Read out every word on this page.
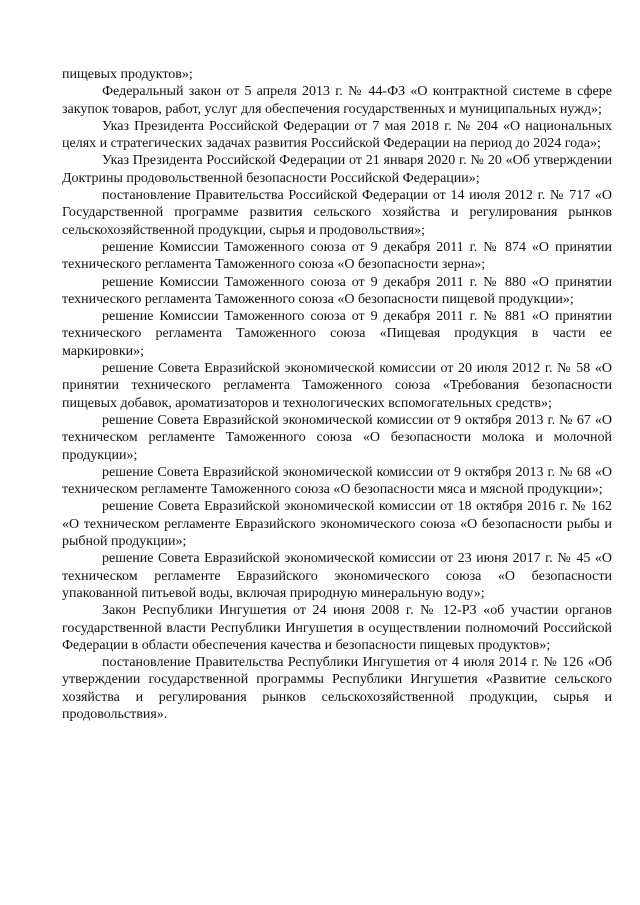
пищевых продуктов»;

Федеральный закон от 5 апреля 2013 г. № 44-ФЗ «О контрактной системе в сфере закупок товаров, работ, услуг для обеспечения государственных и муниципальных нужд»;

Указ Президента Российской Федерации от 7 мая 2018 г. № 204 «О национальных целях и стратегических задачах развития Российской Федерации на период до 2024 года»;

Указ Президента Российской Федерации от 21 января 2020 г. № 20 «Об утверждении Доктрины продовольственной безопасности Российской Федерации»;

постановление Правительства Российской Федерации от 14 июля 2012 г. № 717 «О Государственной программе развития сельского хозяйства и регулирования рынков сельскохозяйственной продукции, сырья и продовольствия»;

решение Комиссии Таможенного союза от 9 декабря 2011 г. № 874 «О принятии технического регламента Таможенного союза «О безопасности зерна»;

решение Комиссии Таможенного союза от 9 декабря 2011 г. № 880 «О принятии технического регламента Таможенного союза «О безопасности пищевой продукции»;

решение Комиссии Таможенного союза от 9 декабря 2011 г. № 881 «О принятии технического регламента Таможенного союза «Пищевая продукция в части ее маркировки»;

решение Совета Евразийской экономической комиссии от 20 июля 2012 г. № 58 «О принятии технического регламента Таможенного союза «Требования безопасности пищевых добавок, ароматизаторов и технологических вспомогательных средств»;

решение Совета Евразийской экономической комиссии от 9 октября 2013 г. № 67 «О техническом регламенте Таможенного союза «О безопасности молока и молочной продукции»;

решение Совета Евразийской экономической комиссии от 9 октября 2013 г. № 68 «О техническом регламенте Таможенного союза «О безопасности мяса и мясной продукции»;

решение Совета Евразийской экономической комиссии от 18 октября 2016 г. № 162 «О техническом регламенте Евразийского экономического союза «О безопасности рыбы и рыбной продукции»;

решение Совета Евразийской экономической комиссии от 23 июня 2017 г. № 45 «О техническом регламенте Евразийского экономического союза «О безопасности упакованной питьевой воды, включая природную минеральную воду»;

Закон Республики Ингушетия от 24 июня 2008 г. № 12-РЗ «об участии органов государственной власти Республики Ингушетия в осуществлении полномочий Российской Федерации в области обеспечения качества и безопасности пищевых продуктов»;

постановление Правительства Республики Ингушетия от 4 июля 2014 г. № 126 «Об утверждении государственной программы Республики Ингушетия «Развитие сельского хозяйства и регулирования рынков сельскохозяйственной продукции, сырья и продовольствия».
